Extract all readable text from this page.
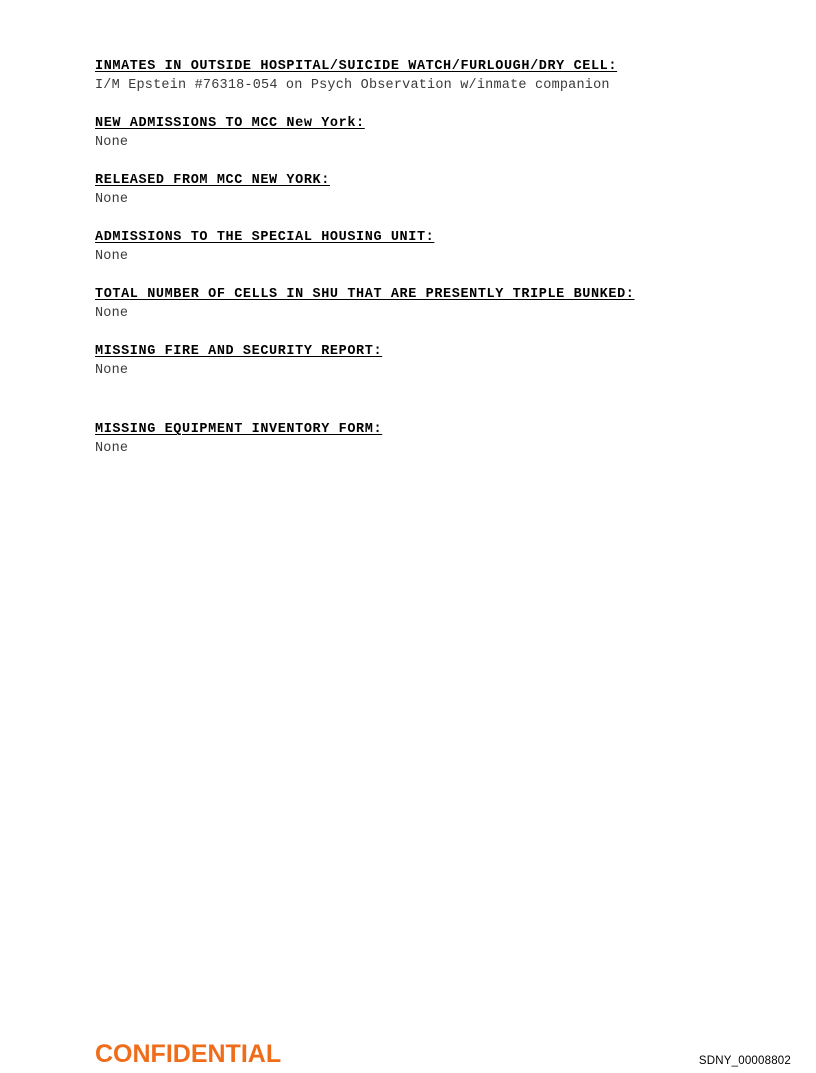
INMATES IN OUTSIDE HOSPITAL/SUICIDE WATCH/FURLOUGH/DRY CELL:
I/M Epstein #76318-054 on Psych Observation w/inmate companion
NEW ADMISSIONS TO MCC New York:
None
RELEASED FROM MCC NEW YORK:
None
ADMISSIONS TO THE SPECIAL HOUSING UNIT:
None
TOTAL NUMBER OF CELLS IN SHU THAT ARE PRESENTLY TRIPLE BUNKED:
None
MISSING FIRE AND SECURITY REPORT:
None
MISSING EQUIPMENT INVENTORY FORM:
None
CONFIDENTIAL	SDNY_00008802
